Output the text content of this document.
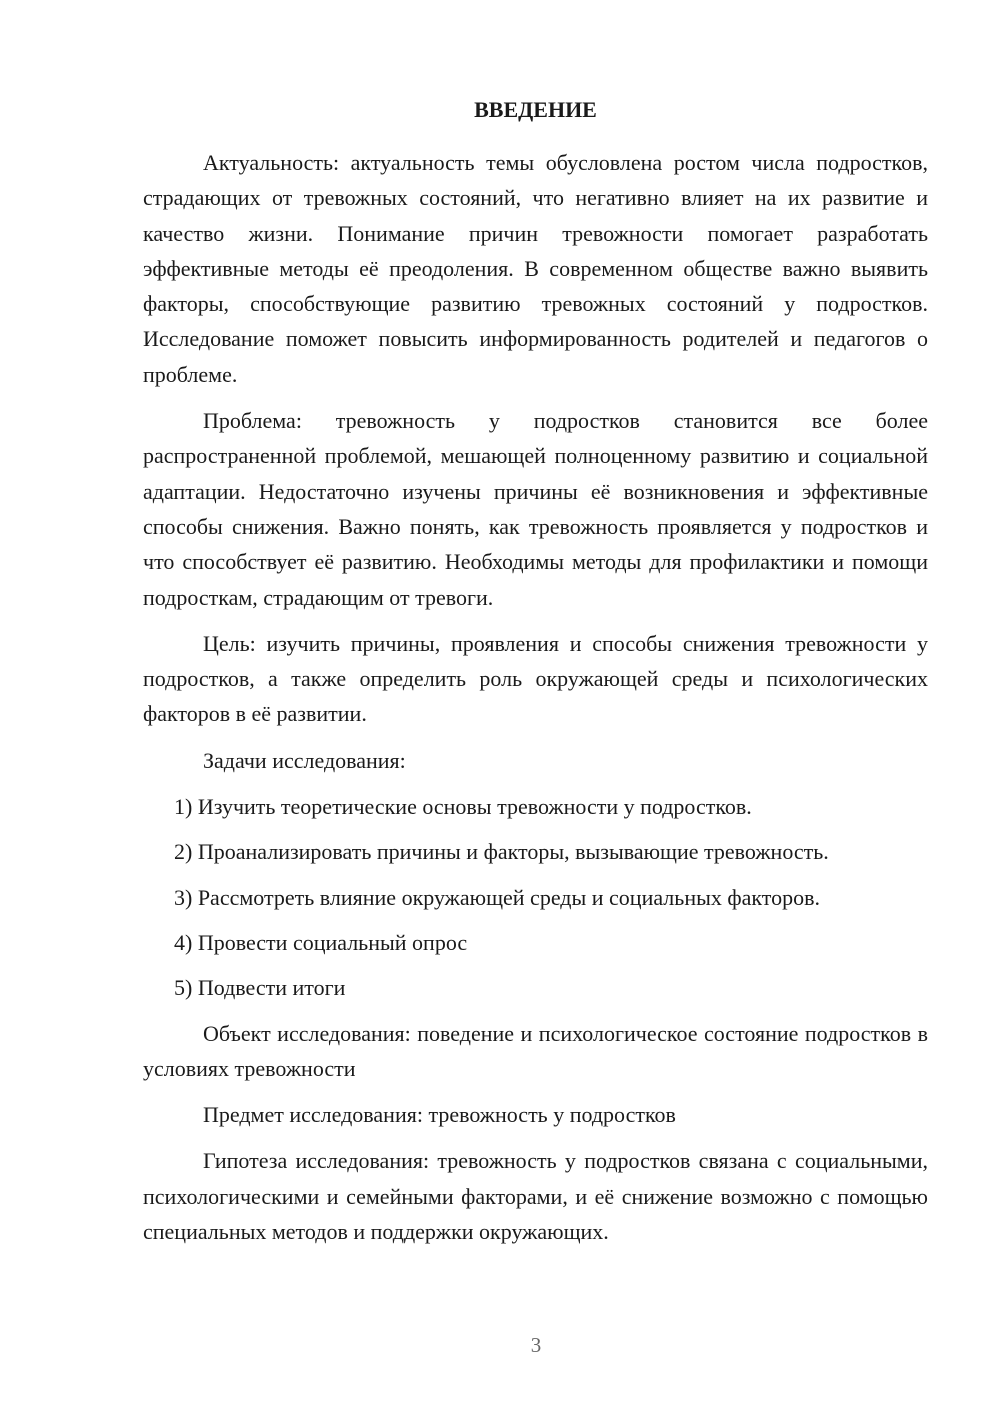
ВВЕДЕНИЕ

Актуальность: актуальность темы обусловлена ростом числа подростков, страдающих от тревожных состояний, что негативно влияет на их развитие и качество жизни. Понимание причин тревожности помогает разработать эффективные методы её преодоления. В современном обществе важно выявить факторы, способствующие развитию тревожных состояний у подростков. Исследование поможет повысить информированность родителей и педагогов о проблеме.

Проблема: тревожность у подростков становится все более распространенной проблемой, мешающей полноценному развитию и социальной адаптации. Недостаточно изучены причины её возникновения и эффективные способы снижения. Важно понять, как тревожность проявляется у подростков и что способствует её развитию. Необходимы методы для профилактики и помощи подросткам, страдающим от тревоги.

Цель: изучить причины, проявления и способы снижения тревожности у подростков, а также определить роль окружающей среды и психологических факторов в её развитии.

Задачи исследования:

1) Изучить теоретические основы тревожности у подростков.
2) Проанализировать причины и факторы, вызывающие тревожность.
3) Рассмотреть влияние окружающей среды и социальных факторов.
4) Провести социальный опрос
5) Подвести итоги

Объект исследования: поведение и психологическое состояние подростков в условиях тревожности

Предмет исследования: тревожность у подростков

Гипотеза исследования: тревожность у подростков связана с социальными, психологическими и семейными факторами, и её снижение возможно с помощью специальных методов и поддержки окружающих.

3
